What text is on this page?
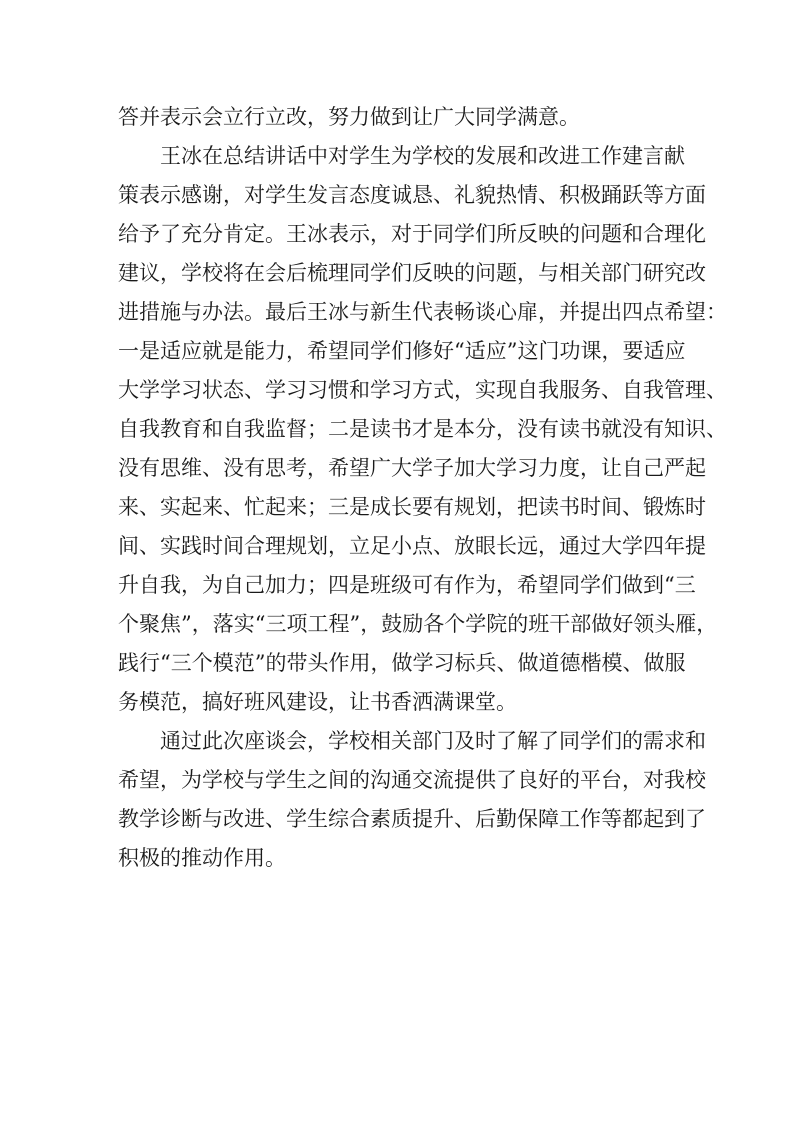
答并表示会立行立改，努力做到让广大同学满意。
王冰在总结讲话中对学生为学校的发展和改进工作建言献
策表示感谢，对学生发言态度诚恳、礼貌热情、积极踊跃等方面
给予了充分肯定。王冰表示，对于同学们所反映的问题和合理化
建议，学校将在会后梳理同学们反映的问题，与相关部门研究改
进措施与办法。最后王冰与新生代表畅谈心扉，并提出四点希望：
一是适应就是能力，希望同学们修好“适应”这门功课，要适应
大学学习状态、学习习惯和学习方式，实现自我服务、自我管理、
自我教育和自我监督；二是读书才是本分，没有读书就没有知识、
没有思维、没有思考，希望广大学子加大学习力度，让自己严起
来、实起来、忙起来；三是成长要有规划，把读书时间、锻炼时
间、实践时间合理规划，立足小点、放眼长远，通过大学四年提
升自我，为自己加力；四是班级可有作为，希望同学们做到“三
个聚焦”，落实“三项工程”，鼓励各个学院的班干部做好领头雁，
践行“三个模范”的带头作用，做学习标兵、做道德楷模、做服
务模范，搞好班风建设，让书香洒满课堂。
通过此次座谈会，学校相关部门及时了解了同学们的需求和
希望，为学校与学生之间的沟通交流提供了良好的平台，对我校
教学诊断与改进、学生综合素质提升、后勤保障工作等都起到了
积极的推动作用。
